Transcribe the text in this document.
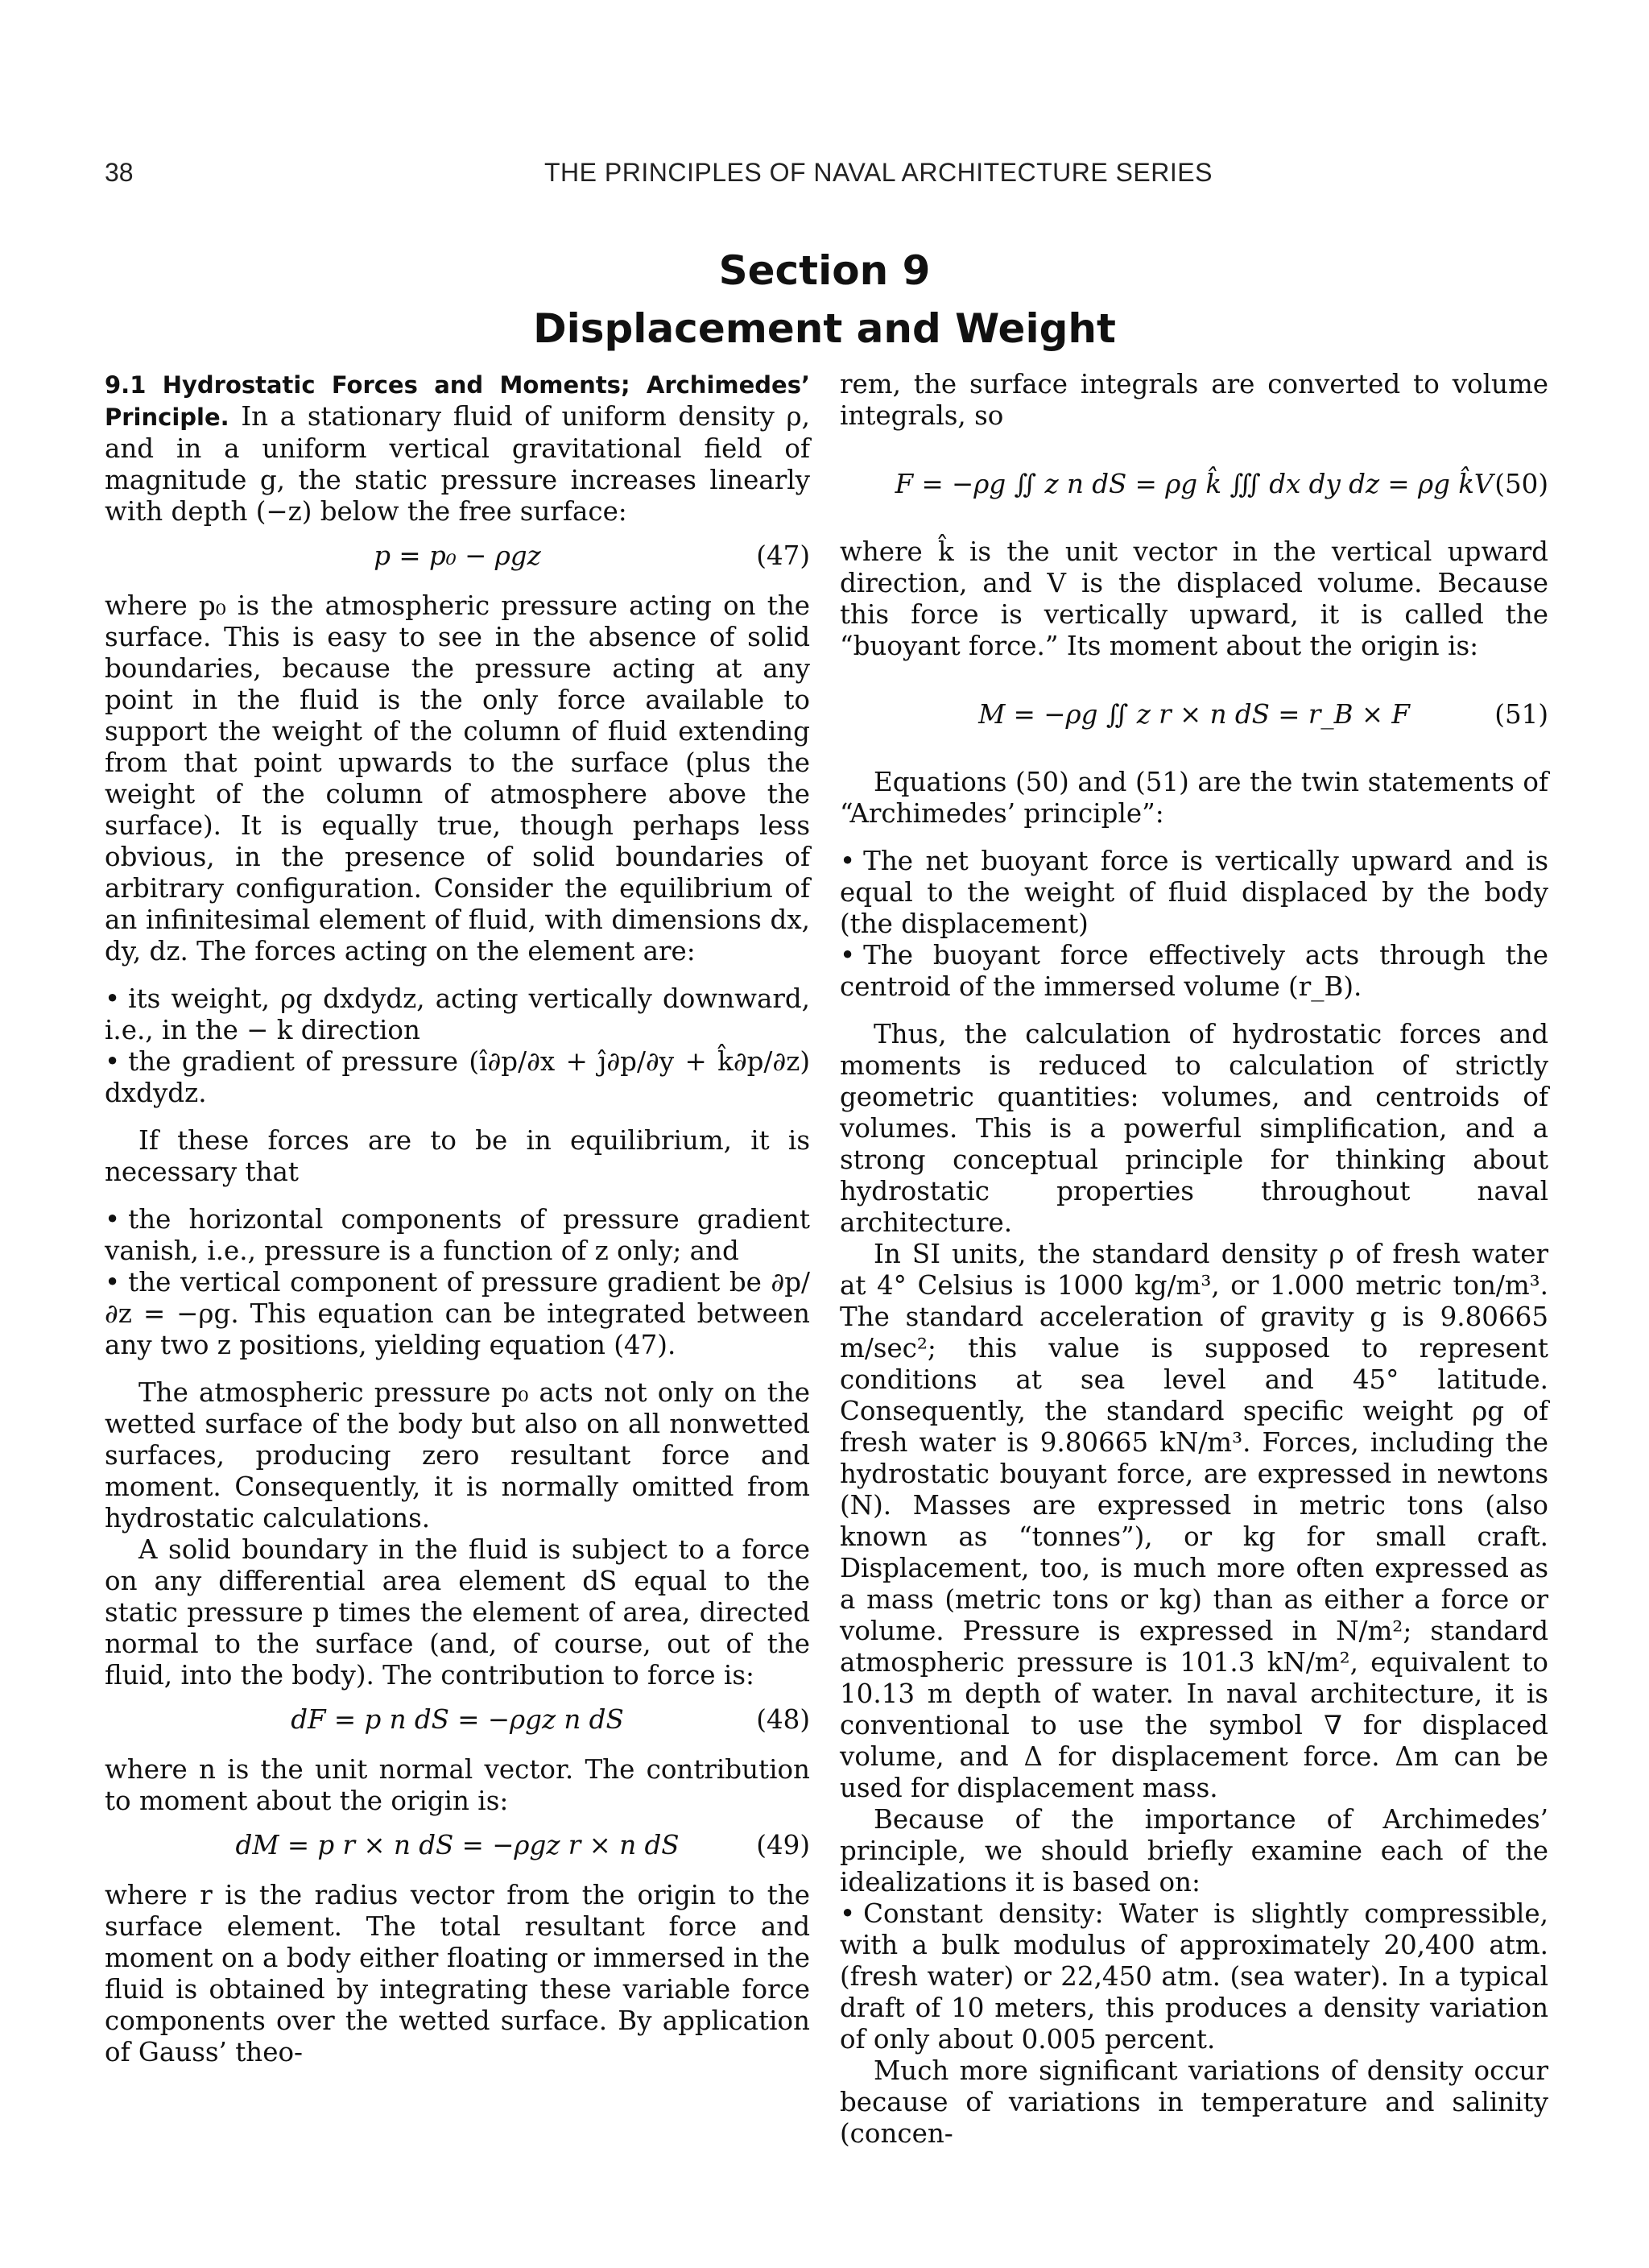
38	THE PRINCIPLES OF NAVAL ARCHITECTURE SERIES
Section 9
Displacement and Weight

9.1 Hydrostatic Forces and Moments; Archimedes’ Principle. In a stationary fluid of uniform density ρ, and in a uniform vertical gravitational field of magnitude g, the static pressure increases linearly with depth (−z) below the free surface:

p = p₀ − ρgz	(47)

where p₀ is the atmospheric pressure acting on the surface. This is easy to see in the absence of solid boundaries, because the pressure acting at any point in the fluid is the only force available to support the weight of the column of fluid extending from that point upwards to the surface (plus the weight of the column of atmosphere above the surface). It is equally true, though perhaps less obvious, in the presence of solid boundaries of arbitrary configuration. Consider the equilibrium of an infinitesimal element of fluid, with dimensions dx, dy, dz. The forces acting on the element are:

• its weight, ρg dxdydz, acting vertically downward, i.e., in the − k direction

• the gradient of pressure (î∂p/∂x + ĵ∂p/∂y + k̂∂p/∂z) dxdydz.

If these forces are to be in equilibrium, it is necessary that

• the horizontal components of pressure gradient vanish, i.e., pressure is a function of z only; and

• the vertical component of pressure gradient be ∂p/∂z = −ρg. This equation can be integrated between any two z positions, yielding equation (47).

The atmospheric pressure p₀ acts not only on the wetted surface of the body but also on all nonwetted surfaces, producing zero resultant force and moment. Consequently, it is normally omitted from hydrostatic calculations.

A solid boundary in the fluid is subject to a force on any differential area element dS equal to the static pressure p times the element of area, directed normal to the surface (and, of course, out of the fluid, into the body). The contribution to force is:

dF = p n dS = −ρgz n dS	(48)

where n is the unit normal vector. The contribution to moment about the origin is:

dM = p r × n dS = −ρgz r × n dS	(49)

where r is the radius vector from the origin to the surface element. The total resultant force and moment on a body either floating or immersed in the fluid is obtained by integrating these variable force components over the wetted surface. By application of Gauss’ theo-

rem, the surface integrals are converted to volume integrals, so

F = −ρg ∬ z n dS = ρg k̂ ∭ dx dy dz = ρg k̂V (50)

where k̂ is the unit vector in the vertical upward direction, and V is the displaced volume. Because this force is vertically upward, it is called the “buoyant force.” Its moment about the origin is:

M = −ρg ∬ z r × n dS = r_B × F	(51)

Equations (50) and (51) are the twin statements of “Archimedes’ principle”:

• The net buoyant force is vertically upward and is equal to the weight of fluid displaced by the body (the displacement)

• The buoyant force effectively acts through the centroid of the immersed volume (r_B).

Thus, the calculation of hydrostatic forces and moments is reduced to calculation of strictly geometric quantities: volumes, and centroids of volumes. This is a powerful simplification, and a strong conceptual principle for thinking about hydrostatic properties throughout naval architecture.

In SI units, the standard density ρ of fresh water at 4° Celsius is 1000 kg/m³, or 1.000 metric ton/m³. The standard acceleration of gravity g is 9.80665 m/sec²; this value is supposed to represent conditions at sea level and 45° latitude. Consequently, the standard specific weight ρg of fresh water is 9.80665 kN/m³. Forces, including the hydrostatic bouyant force, are expressed in newtons (N). Masses are expressed in metric tons (also known as “tonnes”), or kg for small craft. Displacement, too, is much more often expressed as a mass (metric tons or kg) than as either a force or volume. Pressure is expressed in N/m²; standard atmospheric pressure is 101.3 kN/m², equivalent to 10.13 m depth of water. In naval architecture, it is conventional to use the symbol ∇ for displaced volume, and Δ for displacement force. Δm can be used for displacement mass.

Because of the importance of Archimedes’ principle, we should briefly examine each of the idealizations it is based on:

• Constant density: Water is slightly compressible, with a bulk modulus of approximately 20,400 atm. (fresh water) or 22,450 atm. (sea water). In a typical draft of 10 meters, this produces a density variation of only about 0.005 percent.

Much more significant variations of density occur because of variations in temperature and salinity (concen-
